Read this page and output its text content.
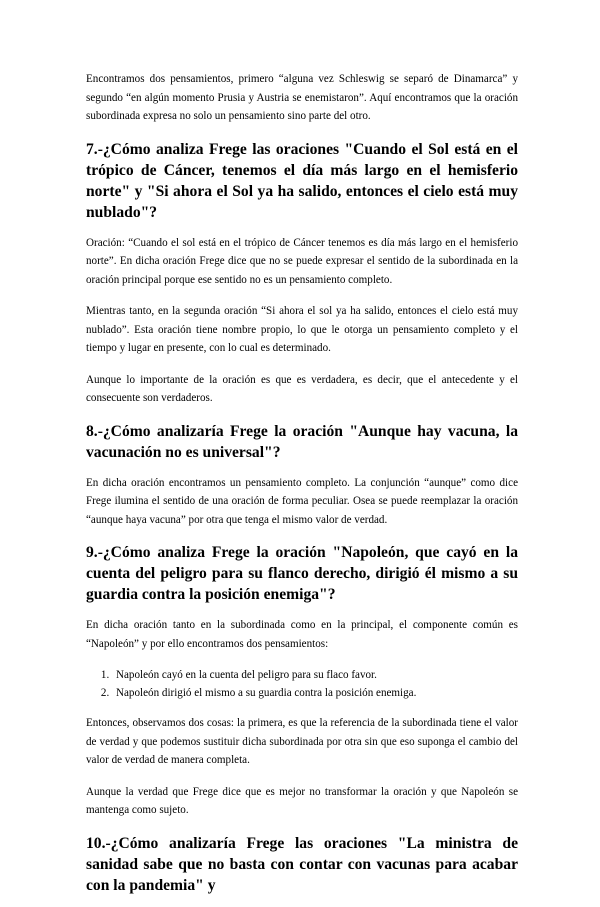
Encontramos dos pensamientos, primero “alguna vez Schleswig se separó de Dinamarca” y segundo “en algún momento Prusia y Austria se enemistaron”. Aquí encontramos que la oración subordinada expresa no solo un pensamiento sino parte del otro.

7.-¿Cómo analiza Frege las oraciones "Cuando el Sol está en el trópico de Cáncer, tenemos el día más largo en el hemisferio norte" y "Si ahora el Sol ya ha salido, entonces el cielo está muy nublado"?

Oración: “Cuando el sol está en el trópico de Cáncer tenemos es día más largo en el hemisferio norte”. En dicha oración Frege dice que no se puede expresar el sentido de la subordinada en la oración principal porque ese sentido no es un pensamiento completo.

Mientras tanto, en la segunda oración “Si ahora el sol ya ha salido, entonces el cielo está muy nublado”. Esta oración tiene nombre propio, lo que le otorga un pensamiento completo y el tiempo y lugar en presente, con lo cual es determinado.

Aunque lo importante de la oración es que es verdadera, es decir, que el antecedente y el consecuente son verdaderos.

8.-¿Cómo analizaría Frege la oración "Aunque hay vacuna, la vacunación no es universal"?

En dicha oración encontramos un pensamiento completo. La conjunción “aunque” como dice Frege ilumina el sentido de una oración de forma peculiar. Osea se puede reemplazar la oración “aunque haya vacuna” por otra que tenga el mismo valor de verdad.

9.-¿Cómo analiza Frege la oración "Napoleón, que cayó en la cuenta del peligro para su flanco derecho, dirigió él mismo a su guardia contra la posición enemiga"?

En dicha oración tanto en la subordinada como en la principal, el componente común es “Napoleón” y por ello encontramos dos pensamientos:

1. Napoleón cayó en la cuenta del peligro para su flaco favor.
2. Napoleón dirigió el mismo a su guardia contra la posición enemiga.

Entonces, observamos dos cosas: la primera, es que la referencia de la subordinada tiene el valor de verdad y que podemos sustituir dicha subordinada por otra sin que eso suponga el cambio del valor de verdad de manera completa.

Aunque la verdad que Frege dice que es mejor no transformar la oración y que Napoleón se mantenga como sujeto.

10.-¿Cómo analizaría Frege las oraciones "La ministra de sanidad sabe que no basta con contar con vacunas para acabar con la pandemia" y
